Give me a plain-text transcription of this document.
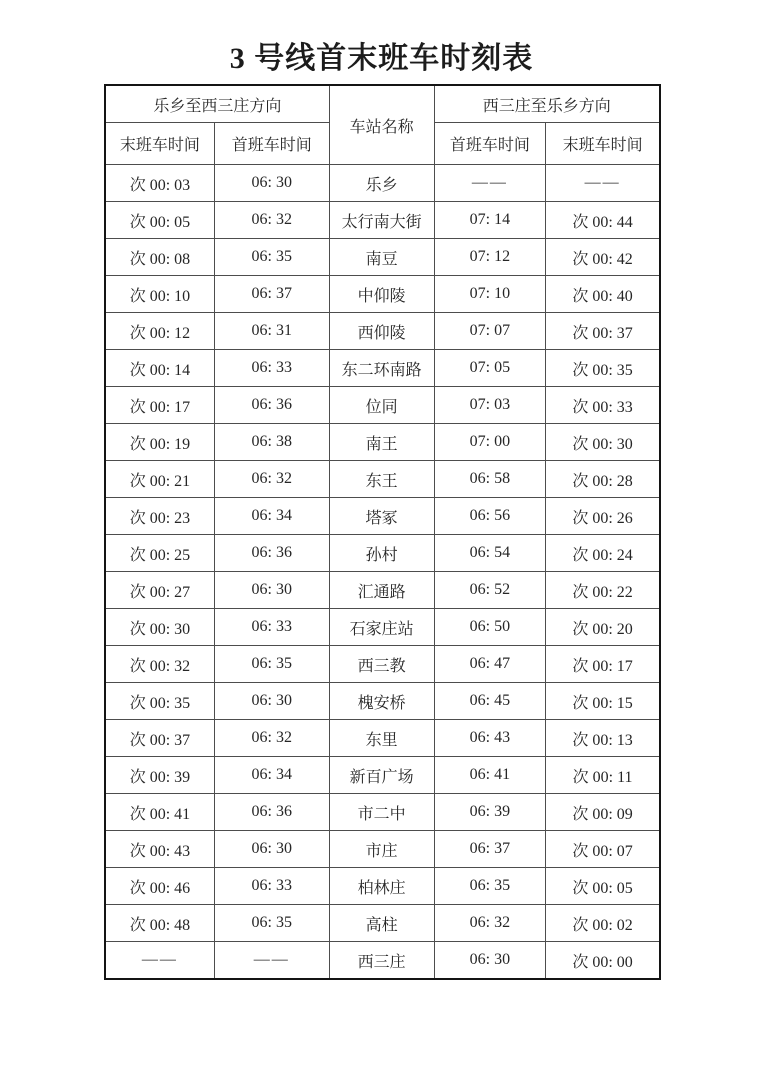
3 号线首末班车时刻表
乐乡至西三庄方向		车站名称	西三庄至乐乡方向	
末班车时间	首班车时间		首班车时间	末班车时间
次 00: 03	06: 30	乐乡	——	——
次 00: 05	06: 32	太行南大街	07: 14	次 00: 44
次 00: 08	06: 35	南豆	07: 12	次 00: 42
次 00: 10	06: 37	中仰陵	07: 10	次 00: 40
次 00: 12	06: 31	西仰陵	07: 07	次 00: 37
次 00: 14	06: 33	东二环南路	07: 05	次 00: 35
次 00: 17	06: 36	位同	07: 03	次 00: 33
次 00: 19	06: 38	南王	07: 00	次 00: 30
次 00: 21	06: 32	东王	06: 58	次 00: 28
次 00: 23	06: 34	塔冢	06: 56	次 00: 26
次 00: 25	06: 36	孙村	06: 54	次 00: 24
次 00: 27	06: 30	汇通路	06: 52	次 00: 22
次 00: 30	06: 33	石家庄站	06: 50	次 00: 20
次 00: 32	06: 35	西三教	06: 47	次 00: 17
次 00: 35	06: 30	槐安桥	06: 45	次 00: 15
次 00: 37	06: 32	东里	06: 43	次 00: 13
次 00: 39	06: 34	新百广场	06: 41	次 00: 11
次 00: 41	06: 36	市二中	06: 39	次 00: 09
次 00: 43	06: 30	市庄	06: 37	次 00: 07
次 00: 46	06: 33	柏林庄	06: 35	次 00: 05
次 00: 48	06: 35	高柱	06: 32	次 00: 02
——	——	西三庄	06: 30	次 00: 00
